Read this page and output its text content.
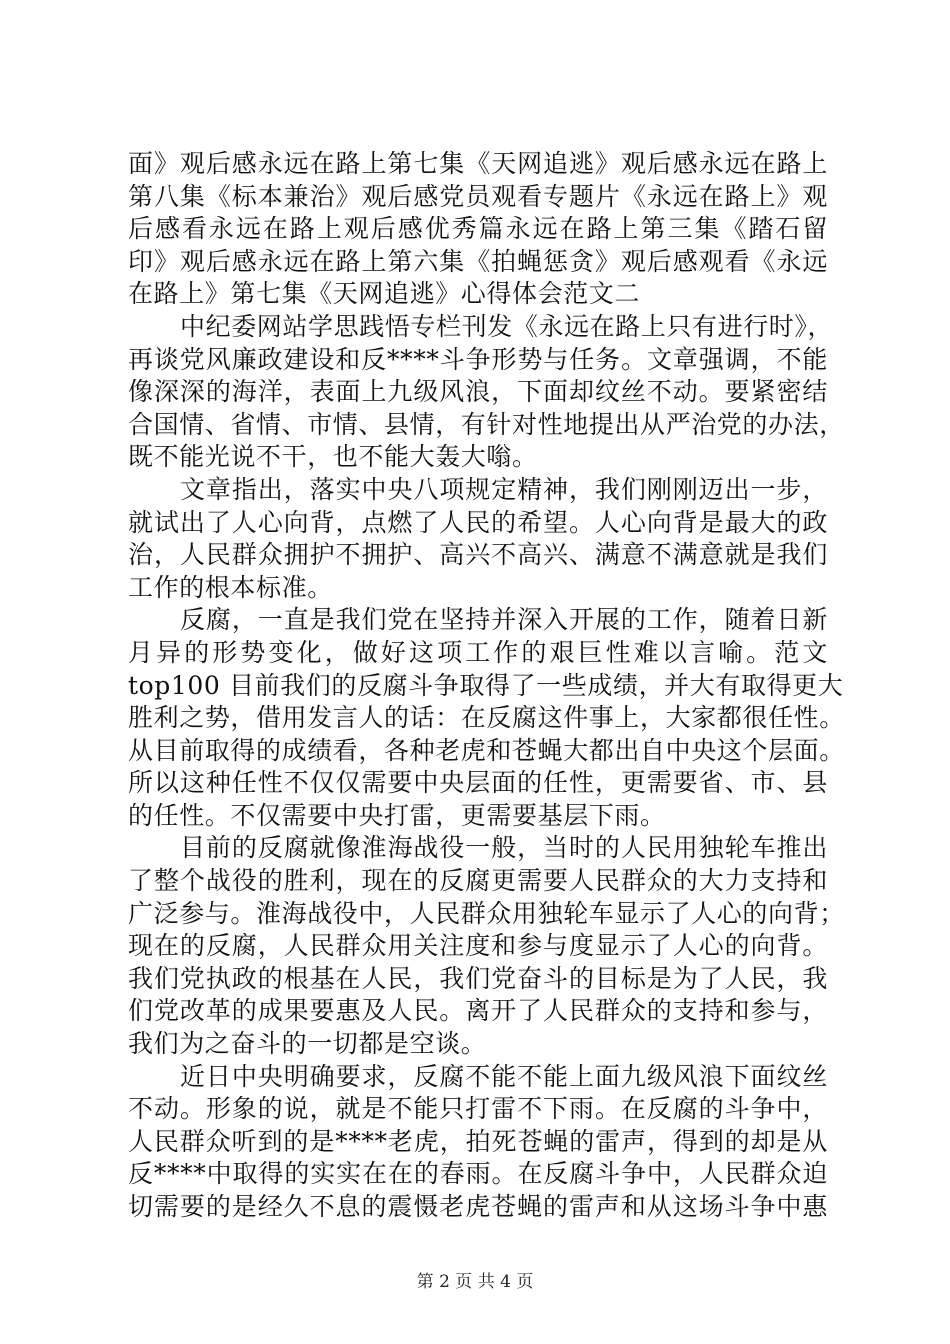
面》观后感永远在路上第七集《天网追逃》观后感永远在路上
第八集《标本兼治》观后感党员观看专题片《永远在路上》观
后感看永远在路上观后感优秀篇永远在路上第三集《踏石留
印》观后感永远在路上第六集《拍蝇惩贪》观后感观看《永远
在路上》第七集《天网追逃》心得体会范文二
中纪委网站学思践悟专栏刊发《永远在路上只有进行时》，
再谈党风廉政建设和反****斗争形势与任务。文章强调，不能
像深深的海洋，表面上九级风浪，下面却纹丝不动。要紧密结
合国情、省情、市情、县情，有针对性地提出从严治党的办法，
既不能光说不干，也不能大轰大嗡。
文章指出，落实中央八项规定精神，我们刚刚迈出一步，
就试出了人心向背，点燃了人民的希望。人心向背是最大的政
治，人民群众拥护不拥护、高兴不高兴、满意不满意就是我们
工作的根本标准。
反腐，一直是我们党在坚持并深入开展的工作，随着日新
月异的形势变化，做好这项工作的艰巨性难以言喻。范文
top100 目前我们的反腐斗争取得了一些成绩，并大有取得更大
胜利之势，借用发言人的话：在反腐这件事上，大家都很任性。
从目前取得的成绩看，各种老虎和苍蝇大都出自中央这个层面。
所以这种任性不仅仅需要中央层面的任性，更需要省、市、县
的任性。不仅需要中央打雷，更需要基层下雨。
目前的反腐就像淮海战役一般，当时的人民用独轮车推出
了整个战役的胜利，现在的反腐更需要人民群众的大力支持和
广泛参与。淮海战役中，人民群众用独轮车显示了人心的向背；
现在的反腐，人民群众用关注度和参与度显示了人心的向背。
我们党执政的根基在人民，我们党奋斗的目标是为了人民，我
们党改革的成果要惠及人民。离开了人民群众的支持和参与，
我们为之奋斗的一切都是空谈。
近日中央明确要求，反腐不能不能上面九级风浪下面纹丝
不动。形象的说，就是不能只打雷不下雨。在反腐的斗争中，
人民群众听到的是****老虎，拍死苍蝇的雷声，得到的却是从
反****中取得的实实在在的春雨。在反腐斗争中，人民群众迫
切需要的是经久不息的震慑老虎苍蝇的雷声和从这场斗争中惠
第 2 页 共 4 页
